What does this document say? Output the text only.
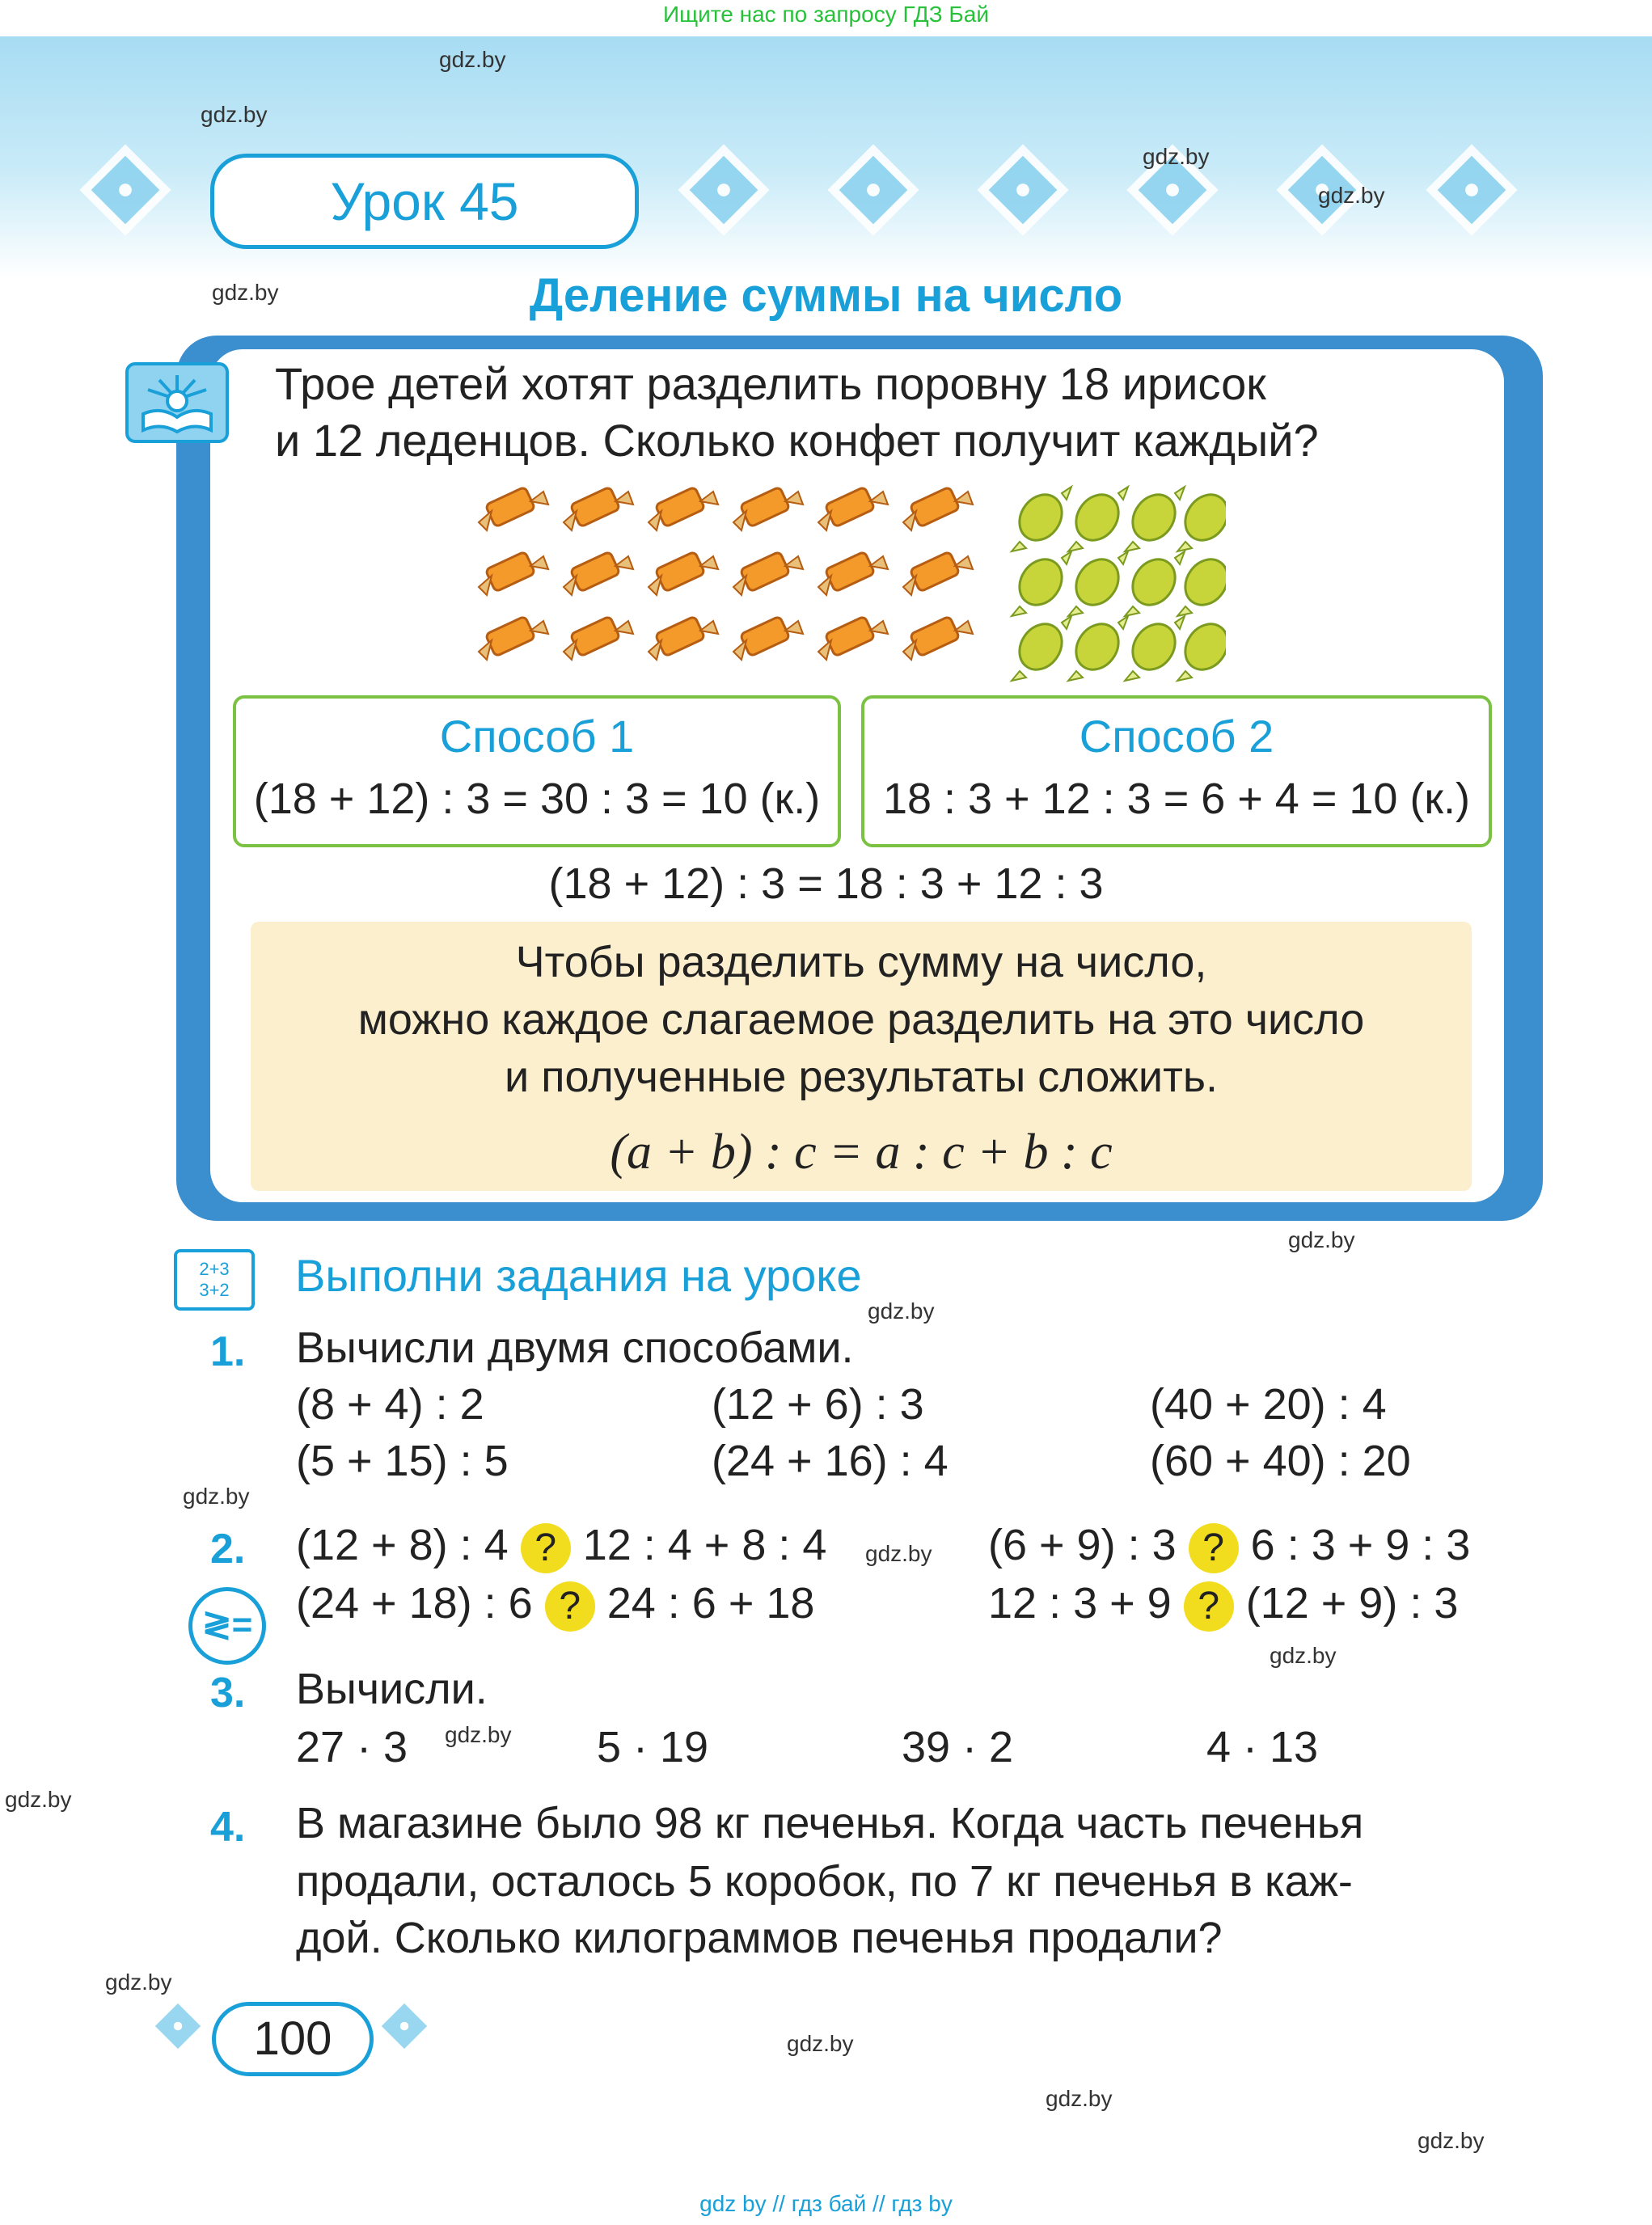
Ищите нас по запросу ГДЗ Бай
Урок 45
gdz.by
gdz.by
gdz.by
gdz.by
gdz.by
gdz.by
gdz.by
gdz.by
gdz.by
gdz.by
gdz.by
gdz.by
gdz.by
gdz.by
gdz.by
gdz.by
Деление суммы на число
Трое детей хотят разделить поровну 18 ирисок
и 12 леденцов. Сколько конфет получит каждый?
Способ 1
(18 + 12) : 3 = 30 : 3 = 10 (к.)
Способ 2
18 : 3 + 12 : 3 = 6 + 4 = 10 (к.)
(18 + 12) : 3 = 18 : 3 + 12 : 3
Чтобы разделить сумму на число,
можно каждое слагаемое разделить на это число
и полученные результаты сложить.
(a + b) : c = a : c + b : c
2+3
3+2	Выполни задания на уроке
1. Вычисли двумя способами.
(8 + 4) : 2	(12 + 6) : 3	(40 + 20) : 4
(5 + 15) : 5	(24 + 16) : 4	(60 + 40) : 20
2.
≷=
(12 + 8) : 4 ? 12 : 4 + 8 : 4	(6 + 9) : 3 ? 6 : 3 + 9 : 3
(24 + 18) : 6 ? 24 : 6 + 18	12 : 3 + 9 ? (12 + 9) : 3
3. Вычисли.
27 · 3	5 · 19	39 · 2	4 · 13
4. В магазине было 98 кг печенья. Когда часть печенья
продали, осталось 5 коробок, по 7 кг печенья в каж-
дой. Сколько килограммов печенья продали?
100
gdz by // гдз бай // гдз by
